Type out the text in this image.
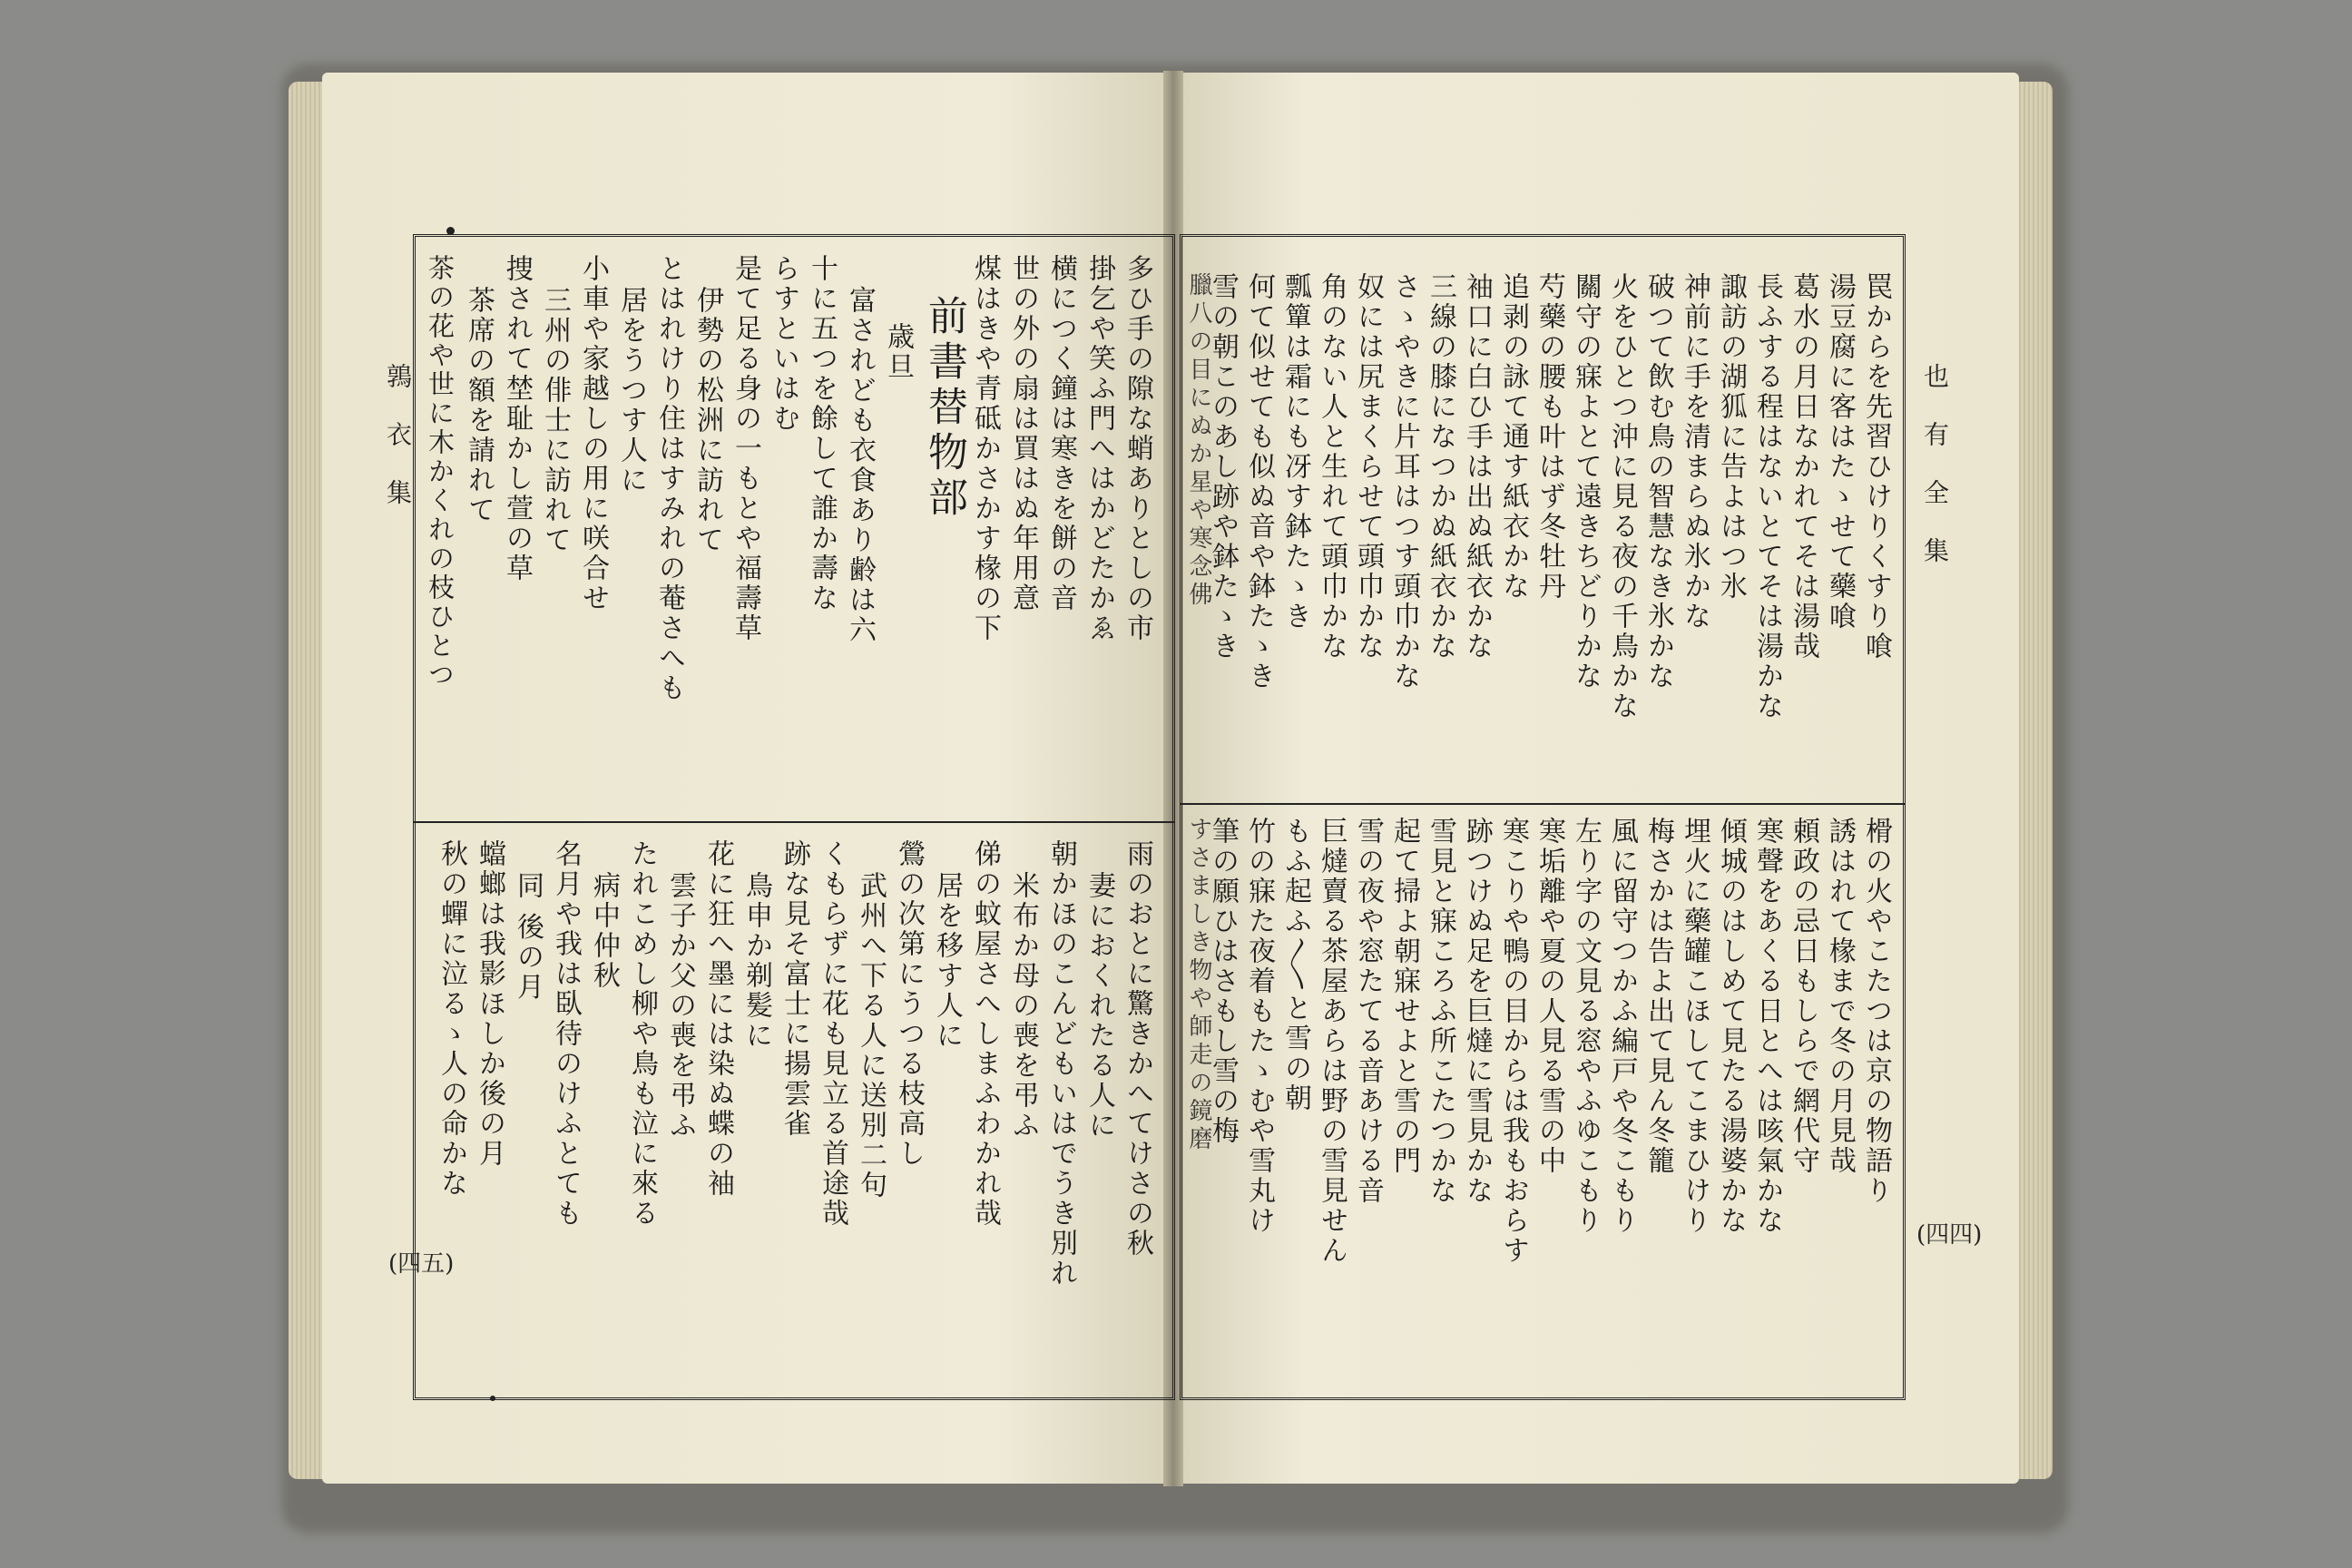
鶉衣集
(四五)
也有全集
(四四)
多ひ手の隙な蛸ありとしの市
掛乞や笑ふ門へはかどたかゑ
横につく鐘は寒きを餅の音
世の外の扇は買はぬ年用意
煤はきや青砥かさかす椽の下
前書替物部
歳旦
富されども衣食あり齢は六
十に五つを餘して誰か壽な
らすといはむ
是て足る身の一もとや福壽草
伊勢の松洲に訪れて
とはれけり住はすみれの菴さへも
居をうつす人に
小車や家越しの用に咲合せ
三州の俳士に訪れて
捜されて埜耻かし萱の草
茶席の額を請れて
茶の花や世に木かくれの枝ひとつ
雨のおとに驚きかへてけさの秋
妻におくれたる人に
朝かほのこんどもいはでうき別れ
米布か母の喪を弔ふ
俤の蚊屋さへしまふわかれ哉
居を移す人に
鶯の次第にうつる枝高し
武州へ下る人に送別二句
くもらずに花も見立る首途哉
跡な見そ富士に揚雲雀
鳥申か剃髪に
花に狂へ墨には染ぬ蝶の袖
雲子か父の喪を弔ふ
たれこめし柳や鳥も泣に來る
病中仲秋
名月や我は臥待のけふとても
同 後の月
蟷螂は我影ほしか後の月
秋の蟬に泣るゝ人の命かな
罠からを先習ひけりくすり喰
湯豆腐に客はたゝせて藥喰
葛水の月日なかれてそは湯哉
長ふする程はないとてそは湯かな
諏訪の湖狐に告よはつ氷
神前に手を清まらぬ氷かな
破つて飲む鳥の智慧なき氷かな
火をひとつ沖に見る夜の千鳥かな
關守の寐よとて遠きちどりかな
芍藥の腰も叶はず冬牡丹
追剥の詠て通す紙衣かな
袖口に白ひ手は出ぬ紙衣かな
三線の膝になつかぬ紙衣かな
さゝやきに片耳はつす頭巾かな
奴には尻まくらせて頭巾かな
角のない人と生れて頭巾かな
瓢簞は霜にも冴す鉢たゝき
何て似せても似ぬ音や鉢たゝき
雪の朝このあし跡や鉢たゝき
榾の火やこたつは京の物語り
誘はれて椽まで冬の月見哉
頼政の忌日もしらで網代守
寒聲をあくる日とへは咳氣かな
傾城のはしめて見たる湯婆かな
埋火に藥罐こほしてこまひけり
梅さかは告よ出て見ん冬籠
風に留守つかふ編戸や冬こもり
左り字の文見る窓やふゆこもり
寒垢離や夏の人見る雪の中
寒こりや鴨の目からは我もおらす
跡つけぬ足を巨燵に雪見かな
雪見と寐ころふ所こたつかな
起て掃よ朝寐せよと雪の門
雪の夜や窓たてる音あける音
巨燵賣る茶屋あらは野の雪見せん
もふ起ふ〳〵と雪の朝
竹の寐た夜着もたゝむや雪丸け
筆の願ひはさもし雪の梅
臘八の目にぬか星や寒念佛
すさましき物や師走の鏡磨
